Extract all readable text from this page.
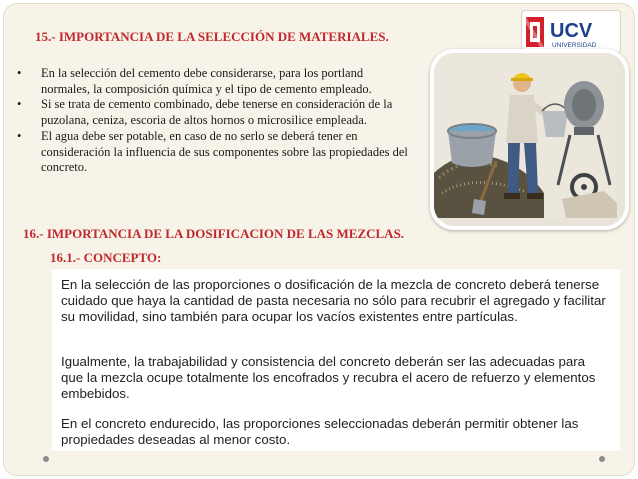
15.- IMPORTANCIA DE LA SELECCIÓN DE MATERIALES.
• En la selección del cemento debe considerarse, para los portland normales, la composición química y el tipo de cemento empleado.
• Si se trata de cemento combinado, debe tenerse en consideración de la puzolana, ceniza, escoria de altos hornos o microsilice empleada.
• El agua debe ser potable, en caso de no serlo se deberá tener en consideración la influencia de sus componentes sobre las propiedades del concreto.
UCV
UNIVERSIDAD
16.- IMPORTANCIA DE LA DOSIFICACION DE LAS MEZCLAS.
16.1.- CONCEPTO:

En la selección de las proporciones o dosificación de la mezcla de concreto deberá tenerse cuidado que haya la cantidad de pasta necesaria no sólo para recubrir el agregado y facilitar su movilidad, sino también para ocupar los vacíos existentes entre partículas.

Igualmente, la trabajabilidad y consistencia del concreto deberán ser las adecuadas para que la mezcla ocupe totalmente los encofrados y recubra el acero de refuerzo y elementos embebidos.

En el concreto endurecido, las proporciones seleccionadas deberán permitir obtener las propiedades deseadas al menor costo.
